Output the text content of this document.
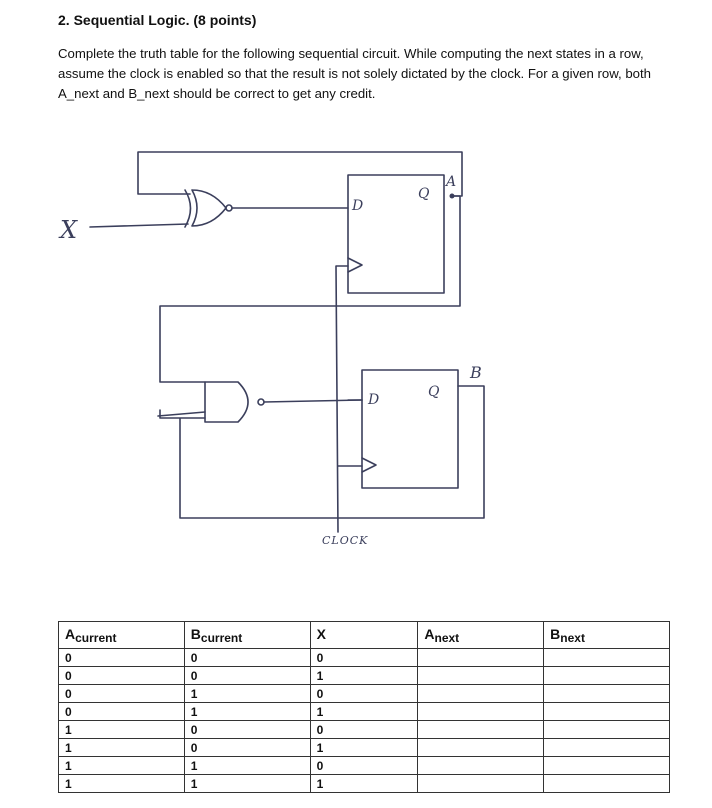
2. Sequential Logic. (8 points)
Complete the truth table for the following sequential circuit. While computing the next states in a row, assume the clock is enabled so that the result is not solely dictated by the clock. For a given row, both A_next and B_next should be correct to get any credit.
X
D
Q
A
CLOCK
D	Q
B
$A_{current}$	$B_{current}$	X	$A_{next}$	$B_{next}$
0	0	0		
0	0	1		
0	1	0		
0	1	1		
1	0	0		
1	0	1		
1	1	0		
1	1	1		
